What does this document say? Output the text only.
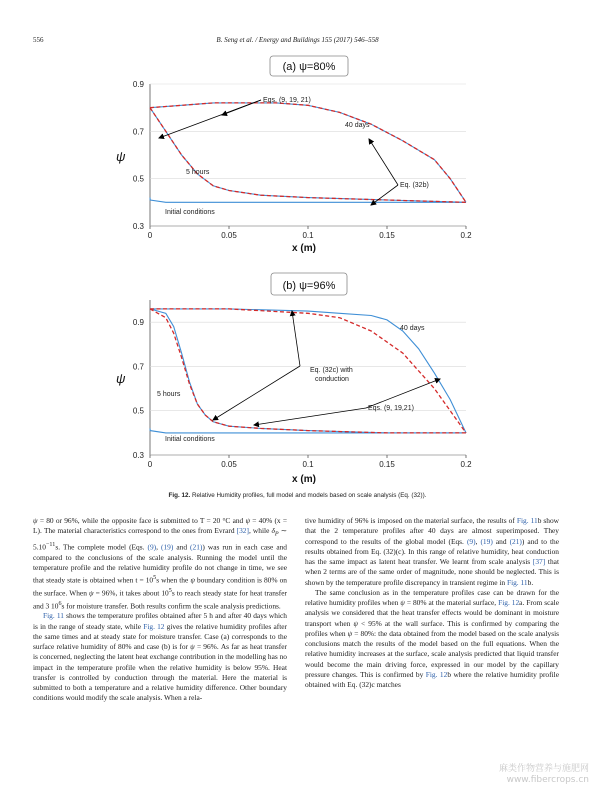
556	B. Seng et al. / Energy and Buildings 155 (2017) 546–558
(a) ψ=80%
ψ
x (m)
0.3
0.5
0.7
0.9
0	0.05	0.1	0.15	0.2
Eqs. (9, 19, 21)
40 days
5 hours
Eq. (32b)
Initial conditions
(b) ψ=96%
ψ
x (m)
0.3
0.5
0.7
0.9
0	0.05	0.1	0.15	0.2
40 days
Eq. (32c) with
conduction
5 hours
Eqs. (9, 19,21)
Initial conditions
Fig. 12. Relative Humidity profiles, full model and models based on scale analysis (Eq. (32)).

ψ = 80 or 96%, while the opposite face is submitted to T = 20 °C and ψ = 40% (x = L). The material characteristics correspond to the ones from Evrard [32], while $\delta_P$ ∼ $5.10^{-11}s$. The complete model (Eqs. (9), (19) and (21)) was run in each case and compared to the conclusions of the scale analysis. Running the model until the temperature profile and the relative humidity profile do not change in time, we see that steady state is obtained when $t = 10^5s$ when the ψ boundary condition is 80% on the surface. When ψ = 96%, it takes about $10^5s$ to reach steady state for heat transfer and 3 $10^6s$ for moisture transfer. Both results confirm the scale analysis predictions.

Fig. 11 shows the temperature profiles obtained after 5 h and after 40 days which is in the range of steady state, while Fig. 12 gives the relative humidity profiles after the same times and at steady state for moisture transfer. Case (a) corresponds to the surface relative humidity of 80% and case (b) is for ψ = 96%. As far as heat transfer is concerned, neglecting the latent heat exchange contribution in the modelling has no impact in the temperature profile when the relative humidity is below 95%. Heat transfer is controlled by conduction through the material. Here the material is submitted to both a temperature and a relative humidity difference. Other boundary conditions would modify the scale analysis. When a rela-

tive humidity of 96% is imposed on the material surface, the results of Fig. 11b show that the 2 temperature profiles after 40 days are almost superimposed. They correspond to the results of the global model (Eqs. (9), (19) and (21)) and to the results obtained from Eq. (32)(c). In this range of relative humidity, heat conduction has the same impact as latent heat transfer. We learnt from scale analysis [37] that when 2 terms are of the same order of magnitude, none should be neglected. This is shown by the temperature profile discrepancy in transient regime in Fig. 11b.

The same conclusion as in the temperature profiles case can be drawn for the relative humidity profiles when ψ = 80% at the material surface, Fig. 12a. From scale analysis we considered that the heat transfer effects would be dominant in moisture transport when ψ < 95% at the wall surface. This is confirmed by comparing the profiles when ψ = 80%: the data obtained from the model based on the scale analysis conclusions match the results of the model based on the full equations. When the relative humidity increases at the surface, scale analysis predicted that liquid transfer would become the main driving force, expressed in our model by the capillary pressure changes. This is confirmed by Fig. 12b where the relative humidity profile obtained with Eq. (32)c matches

麻类作物营养与施肥网
www.fibercrops.cn
